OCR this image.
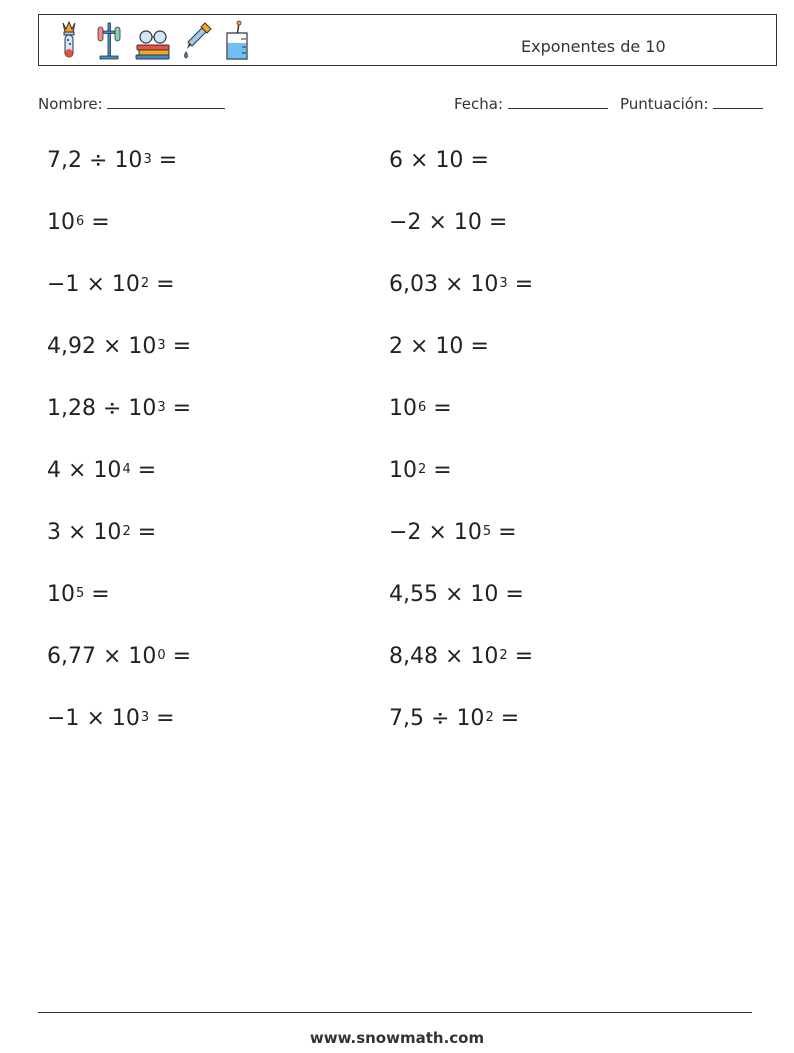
Exponentes de 10
Nombre:	Fecha:	Puntuación:
$7,2 \div 10^3$ =	6 × 10 =
$10^6$ =	−2 × 10 =
$-1 \times 10^2$ =	$6,03 \times 10^3$ =
$4,92 \times 10^3$ =	2 × 10 =
$1,28 \div 10^3$ =	$10^6$ =
$4 \times 10^4$ =	$10^2$ =
$3 \times 10^2$ =	$-2 \times 10^5$ =
$10^5$ =	4,55 × 10 =
$6,77 \times 10^0$ =	$8,48 \times 10^2$ =
$-1 \times 10^3$ =	$7,5 \div 10^2$ =
www.snowmath.com
